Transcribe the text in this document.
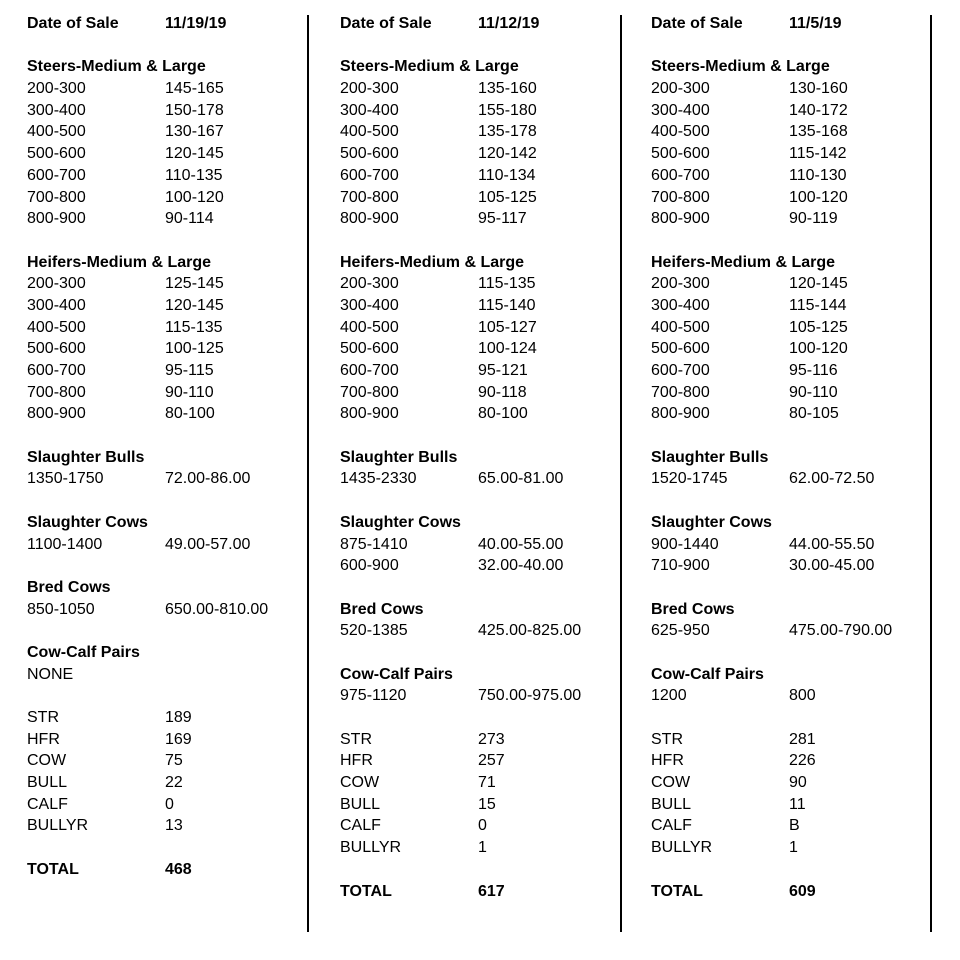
Date of Sale	11/19/19
Steers-Medium & Large
200-300	145-165
300-400	150-178
400-500	130-167
500-600	120-145
600-700	110-135
700-800	100-120
800-900	90-114
Heifers-Medium & Large
200-300	125-145
300-400	120-145
400-500	115-135
500-600	100-125
600-700	95-115
700-800	90-110
800-900	80-100
Slaughter Bulls
1350-1750	72.00-86.00
Slaughter Cows
1100-1400	49.00-57.00
Bred Cows
850-1050	650.00-810.00
Cow-Calf Pairs
NONE
STR	189
HFR	169
COW	75
BULL	22
CALF	0
BULLYR	13
TOTAL	468
Date of Sale	11/12/19
Steers-Medium & Large
200-300	135-160
300-400	155-180
400-500	135-178
500-600	120-142
600-700	110-134
700-800	105-125
800-900	95-117
Heifers-Medium & Large
200-300	115-135
300-400	115-140
400-500	105-127
500-600	100-124
600-700	95-121
700-800	90-118
800-900	80-100
Slaughter Bulls
1435-2330	65.00-81.00
Slaughter Cows
875-1410	40.00-55.00
600-900	32.00-40.00
Bred Cows
520-1385	425.00-825.00
Cow-Calf Pairs
975-1120	750.00-975.00
STR	273
HFR	257
COW	71
BULL	15
CALF	0
BULLYR	1
TOTAL	617
Date of Sale	11/5/19
Steers-Medium & Large
200-300	130-160
300-400	140-172
400-500	135-168
500-600	115-142
600-700	110-130
700-800	100-120
800-900	90-119
Heifers-Medium & Large
200-300	120-145
300-400	115-144
400-500	105-125
500-600	100-120
600-700	95-116
700-800	90-110
800-900	80-105
Slaughter Bulls
1520-1745	62.00-72.50
Slaughter Cows
900-1440	44.00-55.50
710-900	30.00-45.00
Bred Cows
625-950	475.00-790.00
Cow-Calf Pairs
1200	800
STR	281
HFR	226
COW	90
BULL	11
CALF	B
BULLYR	1
TOTAL	609
